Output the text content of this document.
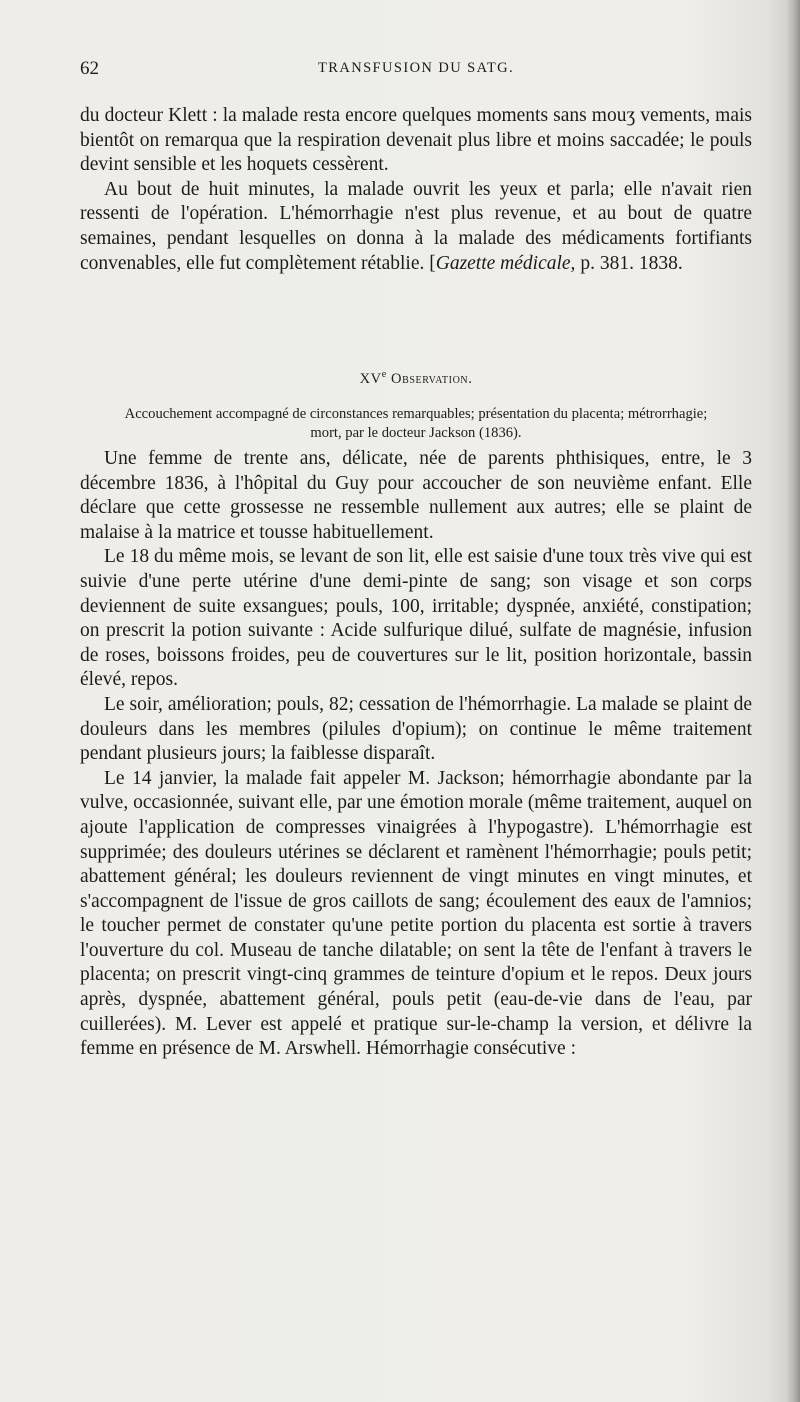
62	TRANSFUSION DU SATG.

du docteur Klett : la malade resta encore quelques moments sans mouʒ vements, mais bientôt on remarqua que la respiration devenait plus libre et moins saccadée; le pouls devint sensible et les hoquets cessèrent.

Au bout de huit minutes, la malade ouvrit les yeux et parla; elle n'avait rien ressenti de l'opération. L'hémorrhagie n'est plus revenue, et au bout de quatre semaines, pendant lesquelles on donna à la malade des médicaments fortifiants convenables, elle fut complètement rétablie. [Gazette médicale, p. 381. 1838.

XVe Observation.
Accouchement accompagné de circonstances remarquables; présentation du placenta; métrorrhagie;
mort, par le docteur Jackson (1836).

Une femme de trente ans, délicate, née de parents phthisiques, entre, le 3 décembre 1836, à l'hôpital du Guy pour accoucher de son neuvième enfant. Elle déclare que cette grossesse ne ressemble nullement aux autres; elle se plaint de malaise à la matrice et tousse habituellement.

Le 18 du même mois, se levant de son lit, elle est saisie d'une toux très vive qui est suivie d'une perte utérine d'une demi-pinte de sang; son visage et son corps deviennent de suite exsangues; pouls, 100, irritable; dyspnée, anxiété, constipation; on prescrit la potion suivante : Acide sulfurique dilué, sulfate de magnésie, infusion de roses, boissons froides, peu de couvertures sur le lit, position horizontale, bassin élevé, repos.

Le soir, amélioration; pouls, 82; cessation de l'hémorrhagie. La malade se plaint de douleurs dans les membres (pilules d'opium); on continue le même traitement pendant plusieurs jours; la faiblesse disparaît.

Le 14 janvier, la malade fait appeler M. Jackson; hémorrhagie abondante par la vulve, occasionnée, suivant elle, par une émotion morale (même traitement, auquel on ajoute l'application de compresses vinaigrées à l'hypogastre). L'hémorrhagie est supprimée; des douleurs utérines se déclarent et ramènent l'hémorrhagie; pouls petit; abattement général; les douleurs reviennent de vingt minutes en vingt minutes, et s'accompagnent de l'issue de gros caillots de sang; écoulement des eaux de l'amnios; le toucher permet de constater qu'une petite portion du placenta est sortie à travers l'ouverture du col. Museau de tanche dilatable; on sent la tête de l'enfant à travers le placenta; on prescrit vingt-cinq grammes de teinture d'opium et le repos. Deux jours après, dyspnée, abattement général, pouls petit (eau-de-vie dans de l'eau, par cuillerées). M. Lever est appelé et pratique sur-le-champ la version, et délivre la femme en présence de M. Arswhell. Hémorrhagie consécutive :
